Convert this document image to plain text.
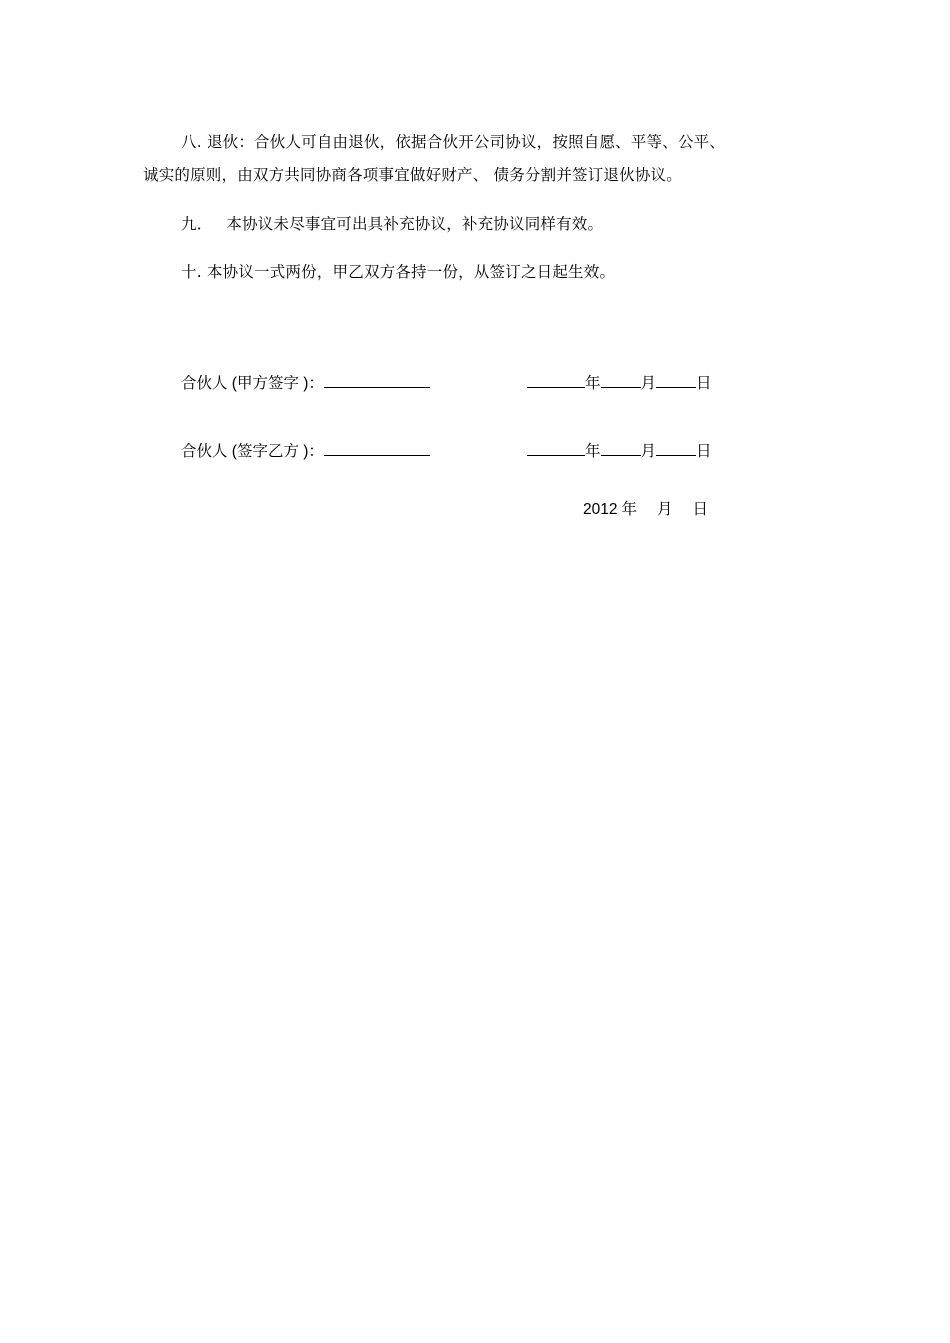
八. 退伙：合伙人可自由退伙，依据合伙开公司协议，按照自愿、平等、公平、
诚实的原则，由双方共同协商各项事宜做好财产、 债务分割并签订退伙协议。
九． 本协议未尽事宜可出具补充协议，补充协议同样有效。
十. 本协议一式两份，甲乙双方各持一份，从签订之日起生效。
合伙人 (甲方签字 )：	年	月	日
合伙人 (签字乙方 )：	年	月	日
2012 年 月 日
